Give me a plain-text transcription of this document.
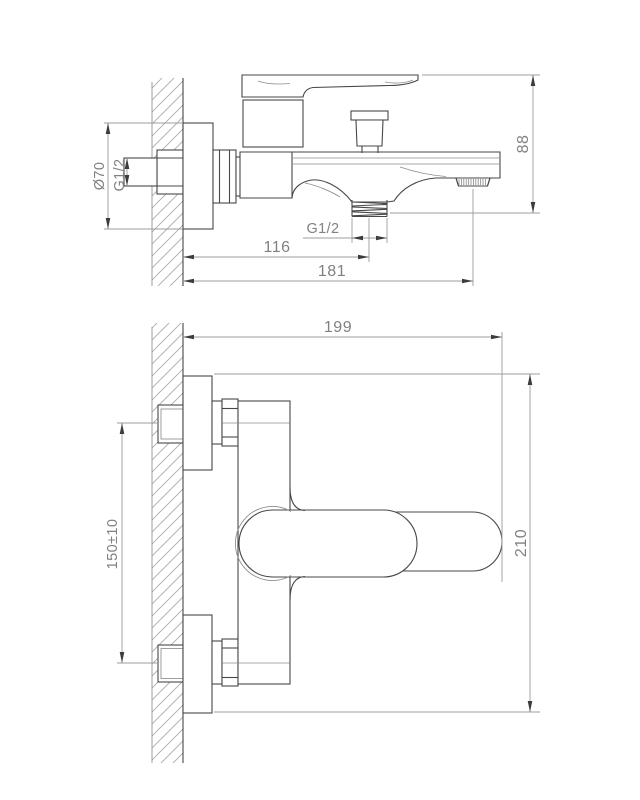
Ø70 G1/2
88
G1/2
116
181
199
150±10	210
